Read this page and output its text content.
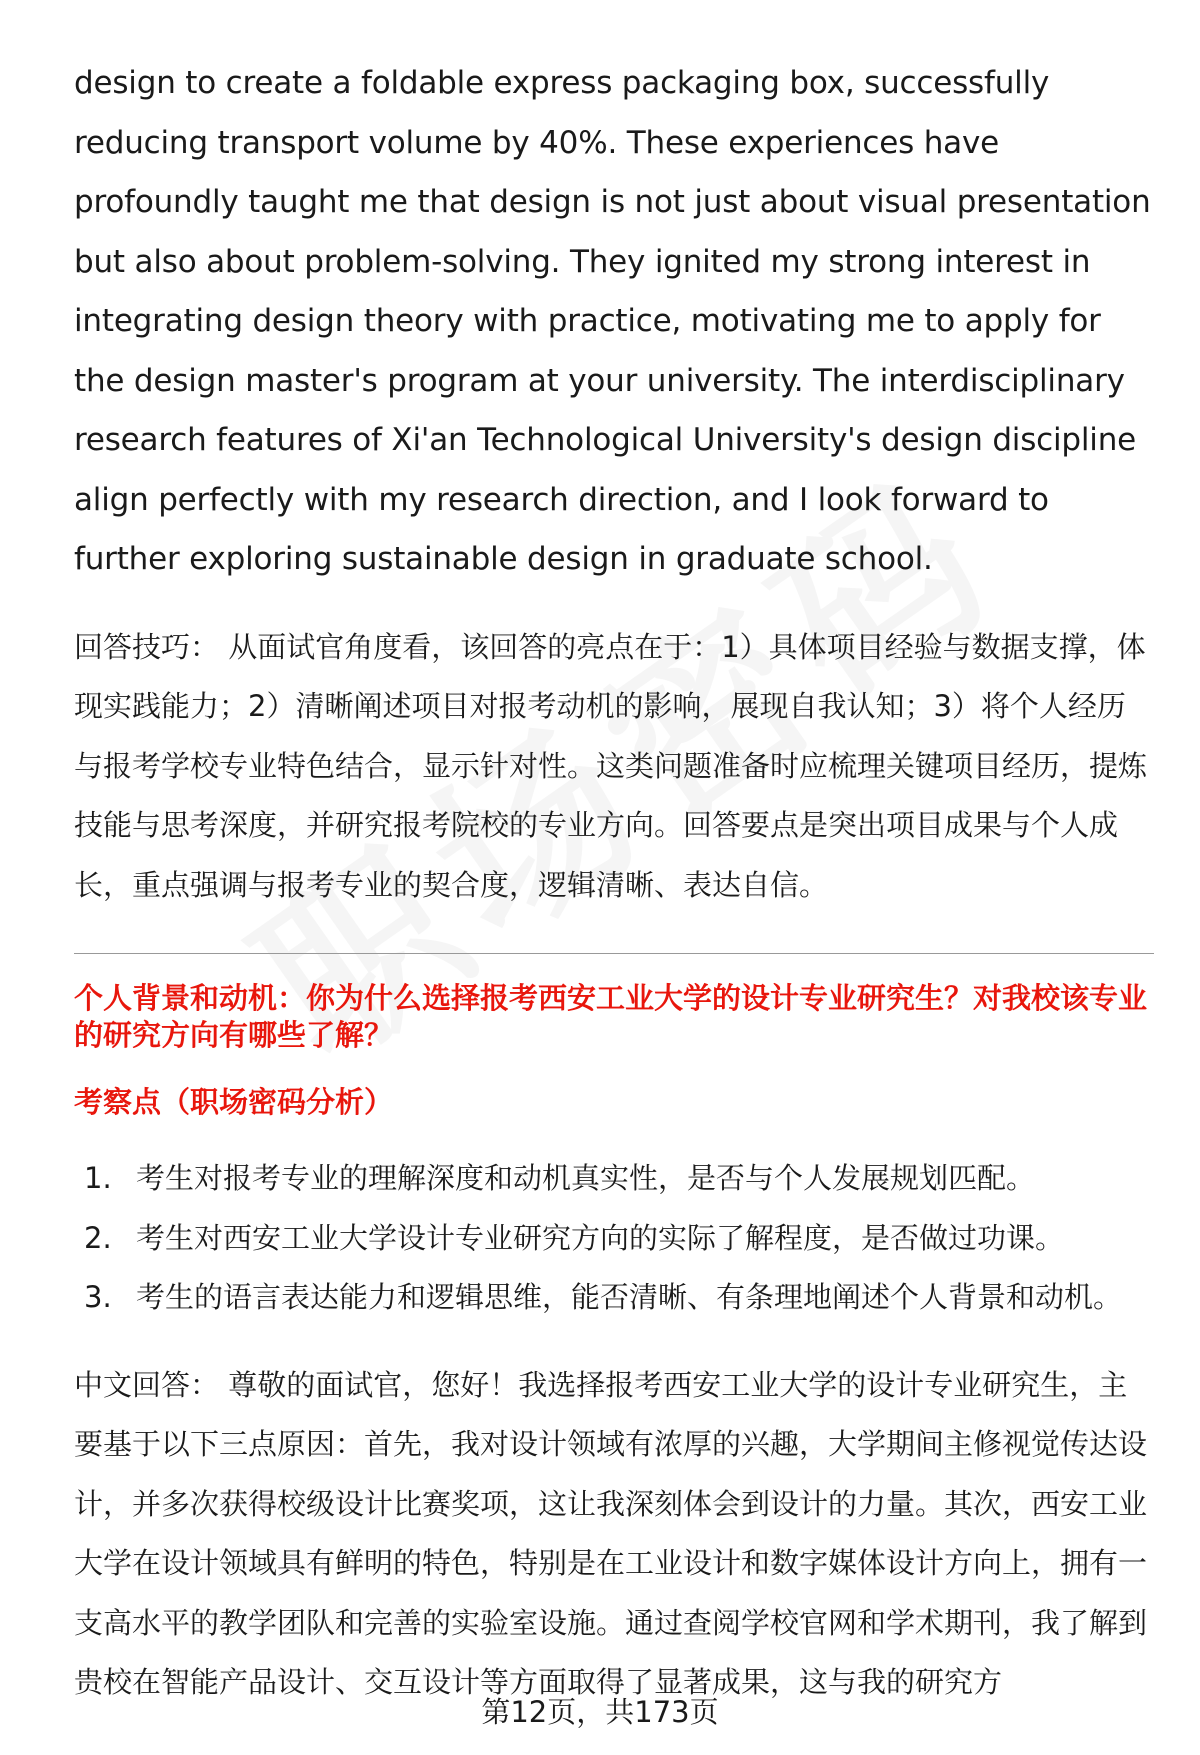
design to create a foldable express packaging box, successfully reducing transport volume by 40%. These experiences have profoundly taught me that design is not just about visual presentation but also about problem-solving. They ignited my strong interest in integrating design theory with practice, motivating me to apply for the design master's program at your university. The interdisciplinary research features of Xi'an Technological University's design discipline align perfectly with my research direction, and I look forward to further exploring sustainable design in graduate school.

回答技巧： 从面试官角度看，该回答的亮点在于：1）具体项目经验与数据支撑，体现实践能力；2）清晰阐述项目对报考动机的影响，展现自我认知；3）将个人经历与报考学校专业特色结合，显示针对性。这类问题准备时应梳理关键项目经历，提炼技能与思考深度，并研究报考院校的专业方向。回答要点是突出项目成果与个人成长，重点强调与报考专业的契合度，逻辑清晰、表达自信。
个人背景和动机：你为什么选择报考西安工业大学的设计专业研究生？对我校该专业的研究方向有哪些了解？
考察点（职场密码分析）
1. 考生对报考专业的理解深度和动机真实性，是否与个人发展规划匹配。
2. 考生对西安工业大学设计专业研究方向的实际了解程度，是否做过功课。
3. 考生的语言表达能力和逻辑思维，能否清晰、有条理地阐述个人背景和动机。
中文回答： 尊敬的面试官，您好！我选择报考西安工业大学的设计专业研究生，主要基于以下三点原因：首先，我对设计领域有浓厚的兴趣，大学期间主修视觉传达设计，并多次获得校级设计比赛奖项，这让我深刻体会到设计的力量。其次，西安工业大学在设计领域具有鲜明的特色，特别是在工业设计和数字媒体设计方向上，拥有一支高水平的教学团队和完善的实验室设施。通过查阅学校官网和学术期刊，我了解到贵校在智能产品设计、交互设计等方面取得了显著成果，这与我的研究方
第12页，共173页
